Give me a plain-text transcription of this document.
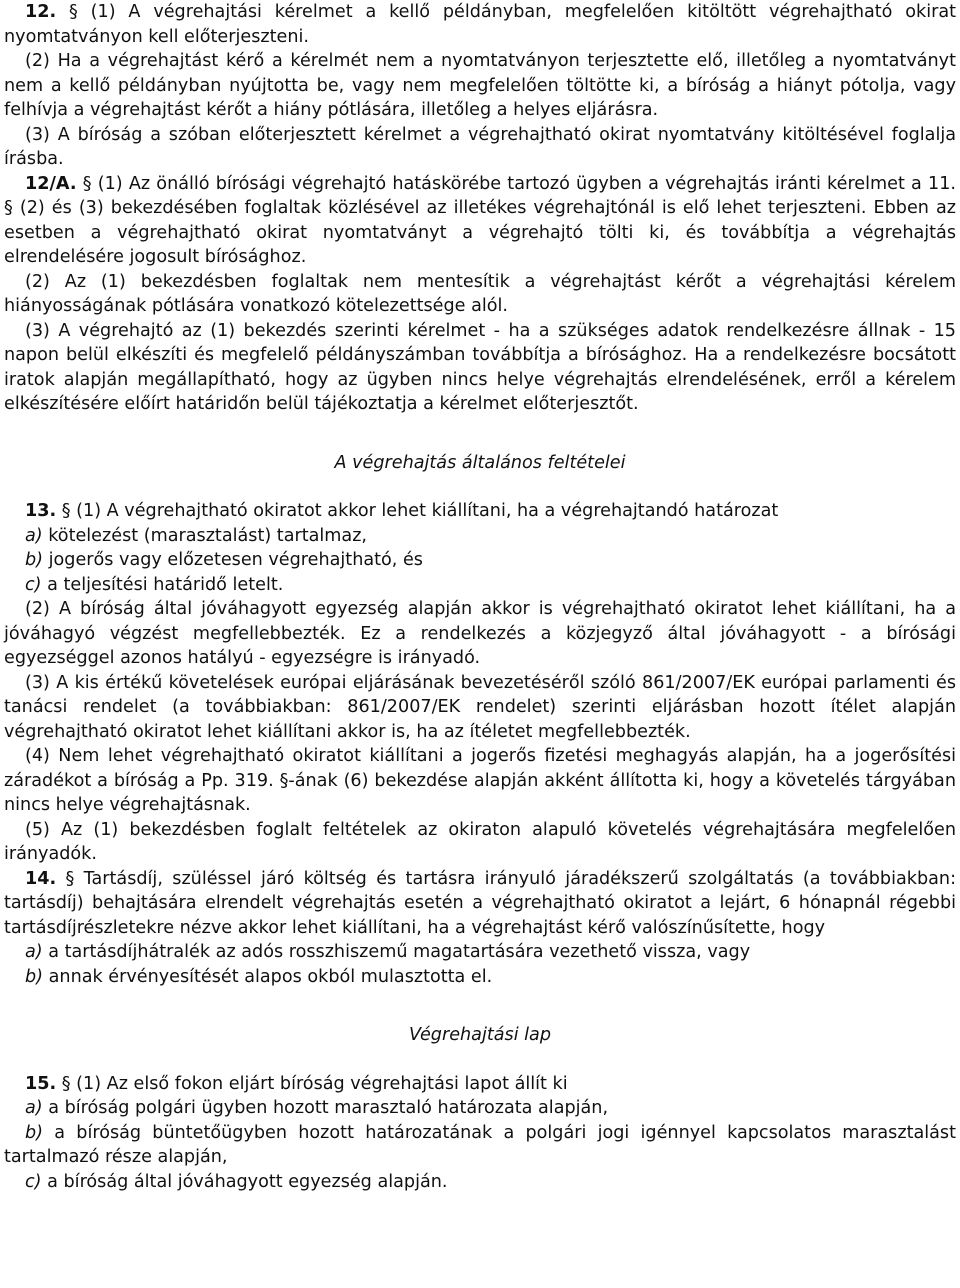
12. § (1) A végrehajtási kérelmet a kellő példányban, megfelelően kitöltött végrehajtható okirat nyomtatványon kell előterjeszteni.

(2) Ha a végrehajtást kérő a kérelmét nem a nyomtatványon terjesztette elő, illetőleg a nyomtatványt nem a kellő példányban nyújtotta be, vagy nem megfelelően töltötte ki, a bíróság a hiányt pótolja, vagy felhívja a végrehajtást kérőt a hiány pótlására, illetőleg a helyes eljárásra.

(3) A bíróság a szóban előterjesztett kérelmet a végrehajtható okirat nyomtatvány kitöltésével foglalja írásba.

12/A. § (1) Az önálló bírósági végrehajtó hatáskörébe tartozó ügyben a végrehajtás iránti kérelmet a 11. § (2) és (3) bekezdésében foglaltak közlésével az illetékes végrehajtónál is elő lehet terjeszteni. Ebben az esetben a végrehajtható okirat nyomtatványt a végrehajtó tölti ki, és továbbítja a végrehajtás elrendelésére jogosult bírósághoz.

(2) Az (1) bekezdésben foglaltak nem mentesítik a végrehajtást kérőt a végrehajtási kérelem hiányosságának pótlására vonatkozó kötelezettsége alól.

(3) A végrehajtó az (1) bekezdés szerinti kérelmet - ha a szükséges adatok rendelkezésre állnak - 15 napon belül elkészíti és megfelelő példányszámban továbbítja a bírósághoz. Ha a rendelkezésre bocsátott iratok alapján megállapítható, hogy az ügyben nincs helye végrehajtás elrendelésének, erről a kérelem elkészítésére előírt határidőn belül tájékoztatja a kérelmet előterjesztőt.

A végrehajtás általános feltételei

13. § (1) A végrehajtható okiratot akkor lehet kiállítani, ha a végrehajtandó határozat

a) kötelezést (marasztalást) tartalmaz,

b) jogerős vagy előzetesen végrehajtható, és

c) a teljesítési határidő letelt.

(2) A bíróság által jóváhagyott egyezség alapján akkor is végrehajtható okiratot lehet kiállítani, ha a jóváhagyó végzést megfellebbezték. Ez a rendelkezés a közjegyző által jóváhagyott - a bírósági egyezséggel azonos hatályú - egyezségre is irányadó.

(3) A kis értékű követelések európai eljárásának bevezetéséről szóló 861/2007/EK európai parlamenti és tanácsi rendelet (a továbbiakban: 861/2007/EK rendelet) szerinti eljárásban hozott ítélet alapján végrehajtható okiratot lehet kiállítani akkor is, ha az ítéletet megfellebbezték.

(4) Nem lehet végrehajtható okiratot kiállítani a jogerős fizetési meghagyás alapján, ha a jogerősítési záradékot a bíróság a Pp. 319. §-ának (6) bekezdése alapján akként állította ki, hogy a követelés tárgyában nincs helye végrehajtásnak.

(5) Az (1) bekezdésben foglalt feltételek az okiraton alapuló követelés végrehajtására megfelelően irányadók.

14. § Tartásdíj, szüléssel járó költség és tartásra irányuló járadékszerű szolgáltatás (a továbbiakban: tartásdíj) behajtására elrendelt végrehajtás esetén a végrehajtható okiratot a lejárt, 6 hónapnál régebbi tartásdíjrészletekre nézve akkor lehet kiállítani, ha a végrehajtást kérő valószínűsítette, hogy

a) a tartásdíjhátralék az adós rosszhiszemű magatartására vezethető vissza, vagy

b) annak érvényesítését alapos okból mulasztotta el.

Végrehajtási lap

15. § (1) Az első fokon eljárt bíróság végrehajtási lapot állít ki

a) a bíróság polgári ügyben hozott marasztaló határozata alapján,

b) a bíróság büntetőügyben hozott határozatának a polgári jogi igénnyel kapcsolatos marasztalást tartalmazó része alapján,

c) a bíróság által jóváhagyott egyezség alapján.
